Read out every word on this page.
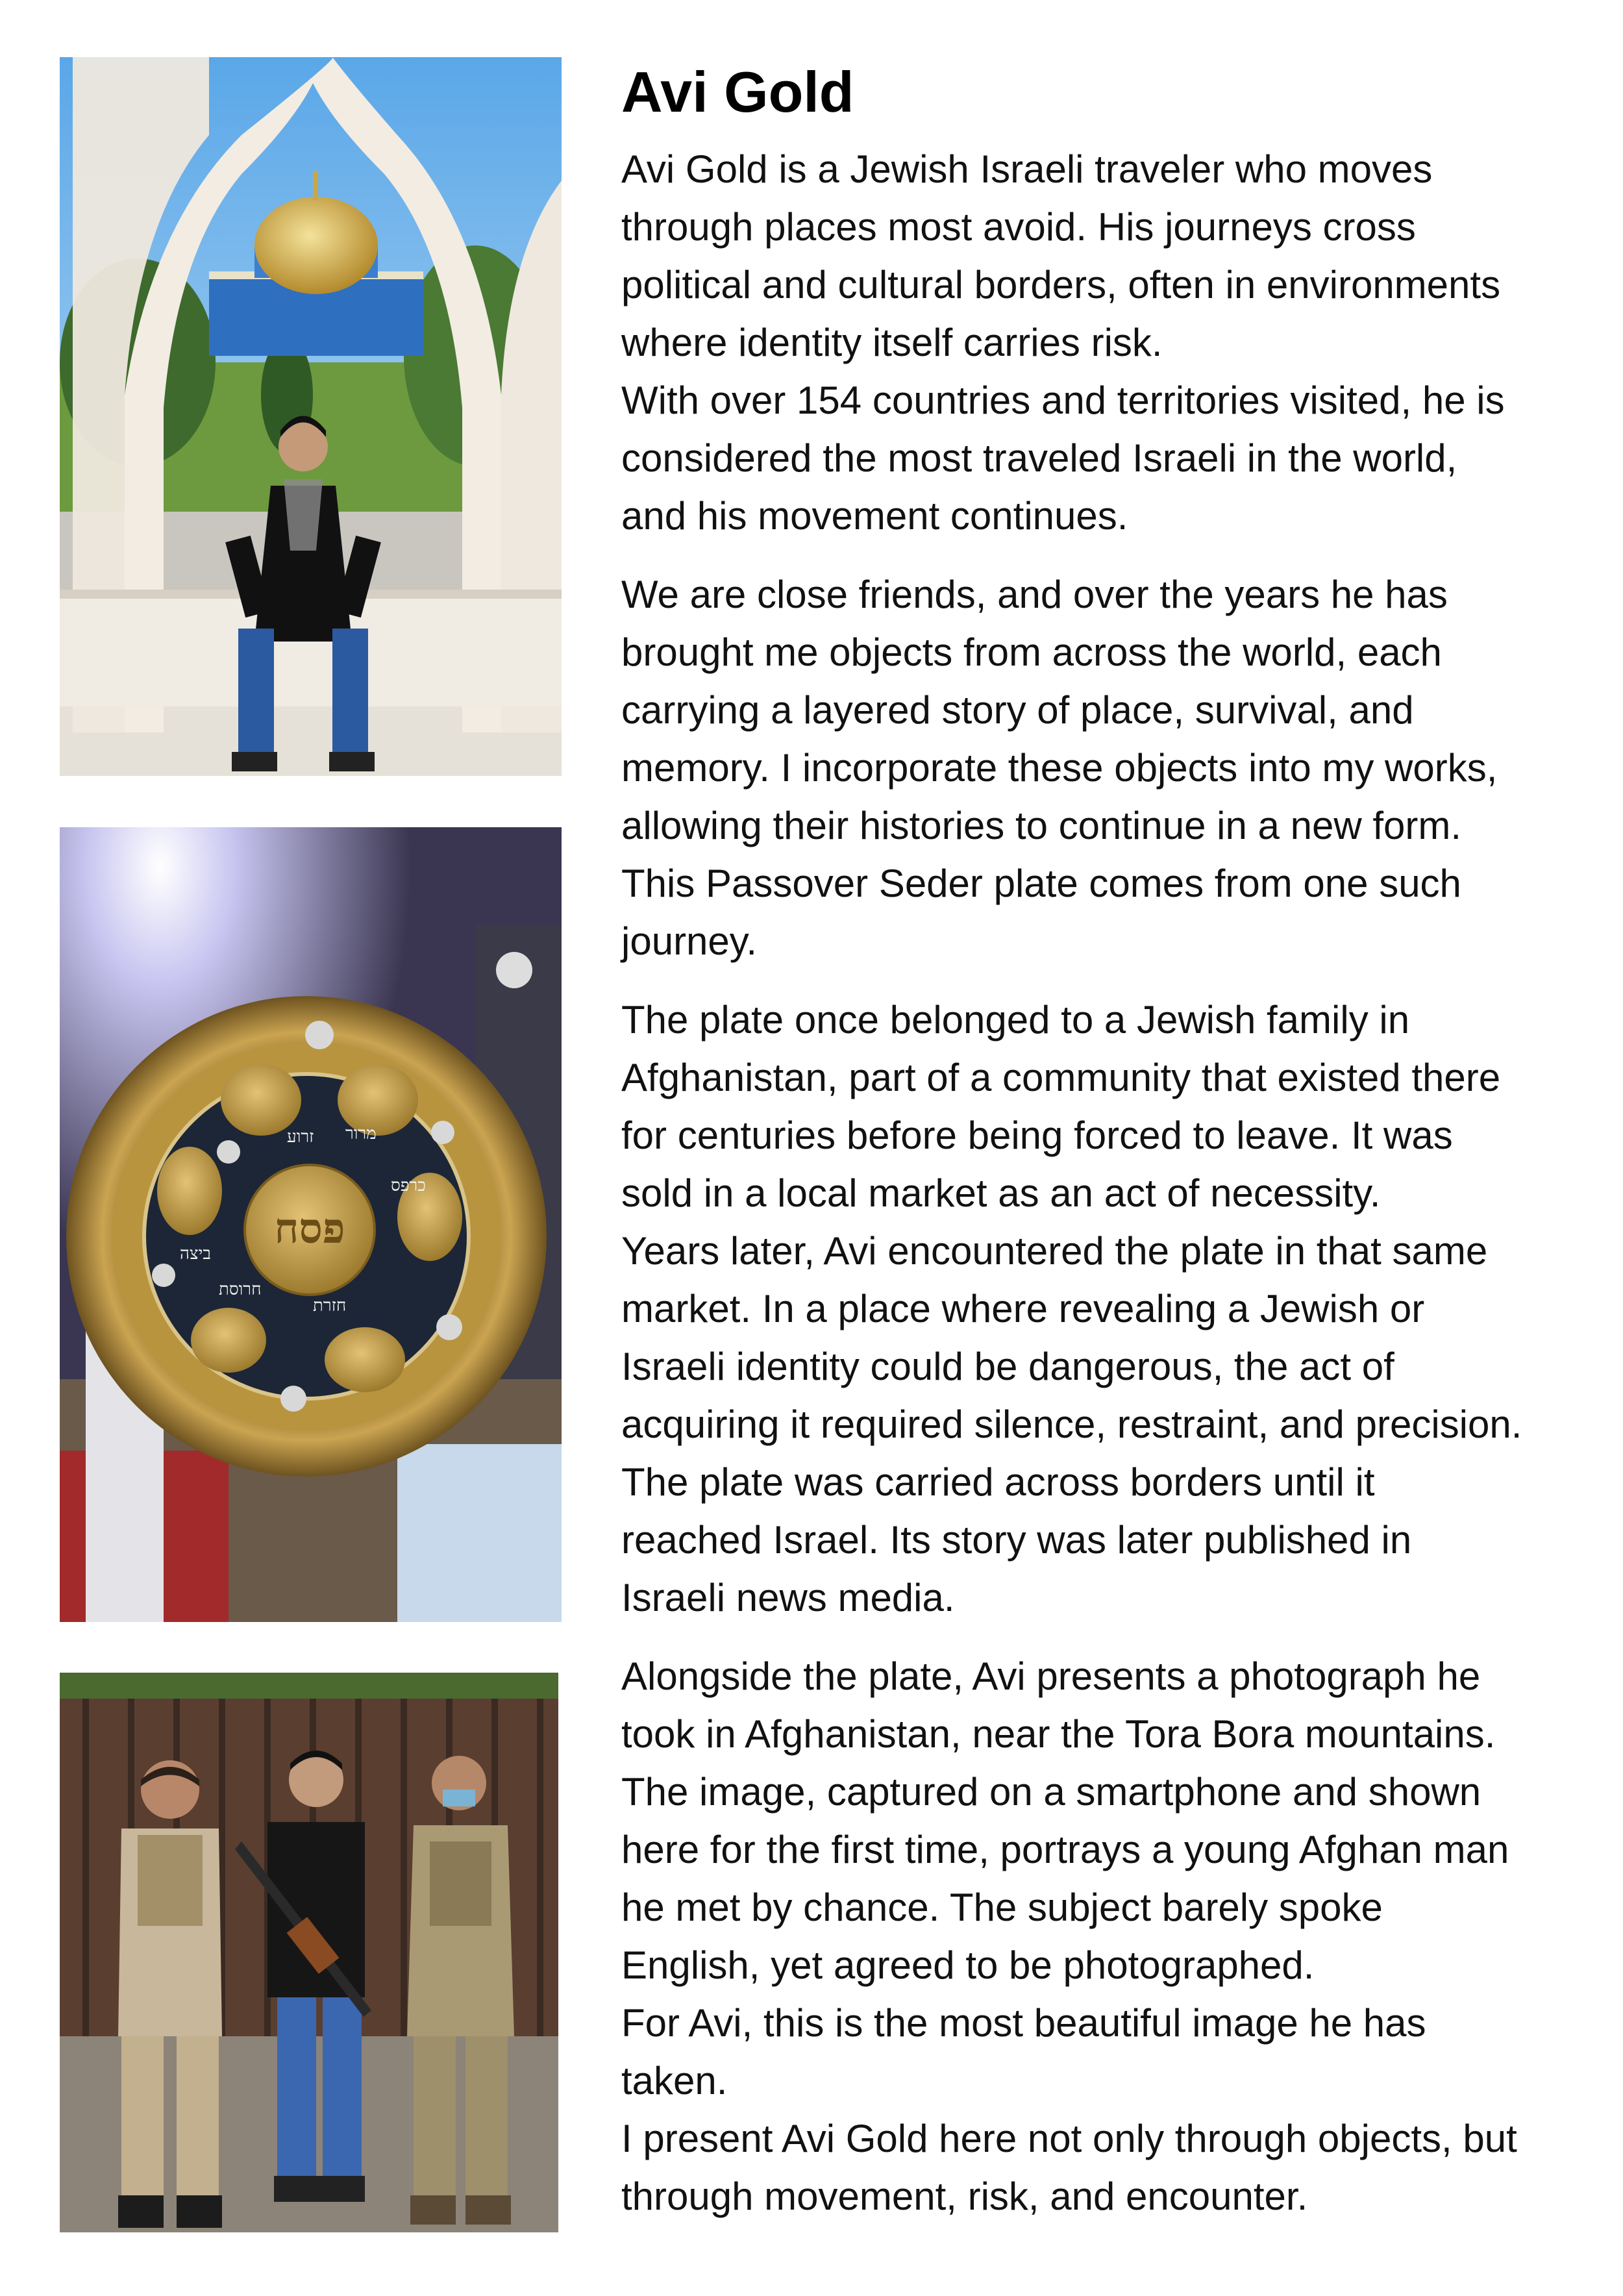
פסח
זרוע
ביצה
מרור
חרוסת
כרפס
חזרת
Avi Gold

Avi Gold is a Jewish Israeli traveler who moves
through places most avoid. His journeys cross
political and cultural borders, often in environments
where identity itself carries risk.
With over 154 countries and territories visited, he is
considered the most traveled Israeli in the world,
and his movement continues.

We are close friends, and over the years he has
brought me objects from across the world, each
carrying a layered story of place, survival, and
memory. I incorporate these objects into my works,
allowing their histories to continue in a new form.
This Passover Seder plate comes from one such
journey.

The plate once belonged to a Jewish family in
Afghanistan, part of a community that existed there
for centuries before being forced to leave. It was
sold in a local market as an act of necessity.
Years later, Avi encountered the plate in that same
market. In a place where revealing a Jewish or
Israeli identity could be dangerous, the act of
acquiring it required silence, restraint, and precision.
The plate was carried across borders until it
reached Israel. Its story was later published in
Israeli news media.

Alongside the plate, Avi presents a photograph he
took in Afghanistan, near the Tora Bora mountains.
The image, captured on a smartphone and shown
here for the first time, portrays a young Afghan man
he met by chance. The subject barely spoke
English, yet agreed to be photographed.
For Avi, this is the most beautiful image he has
taken.
I present Avi Gold here not only through objects, but
through movement, risk, and encounter.
